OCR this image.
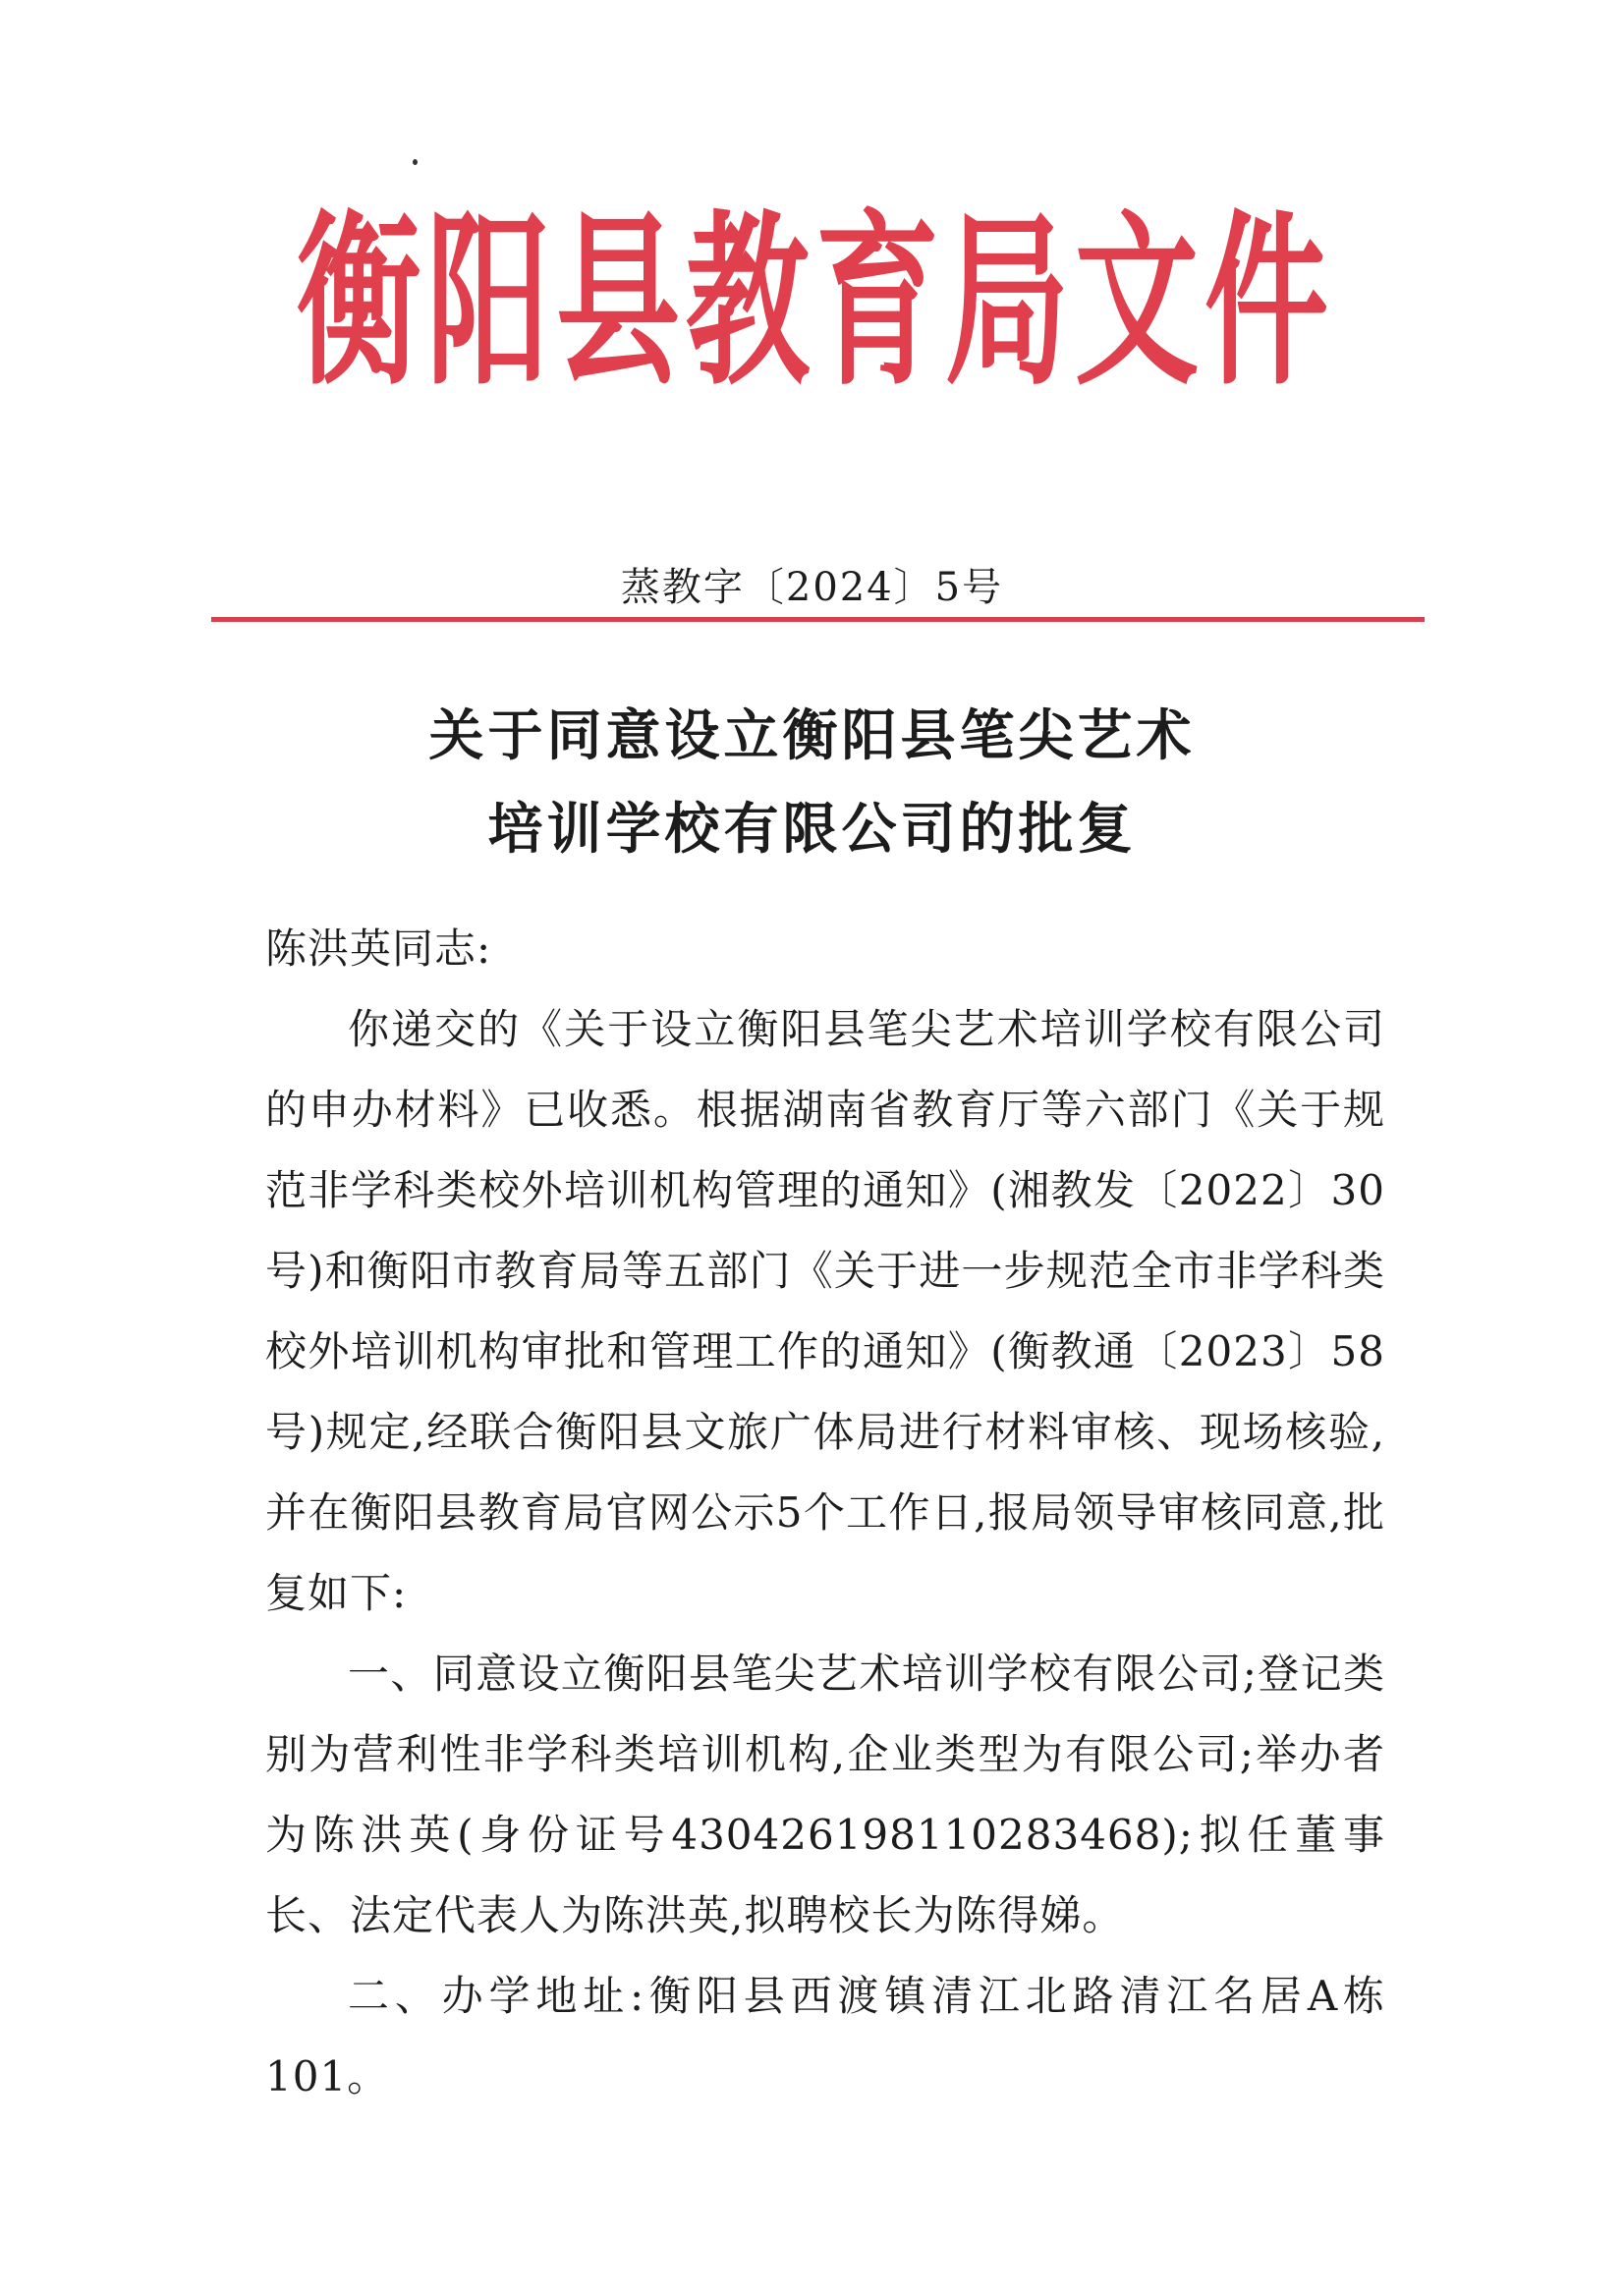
衡阳县教育局文件
蒸教字〔2024〕5号
关于同意设立衡阳县笔尖艺术
培训学校有限公司的批复

陈洪英同志:

你递交的《关于设立衡阳县笔尖艺术培训学校有限公司的申办材料》已收悉。根据湖南省教育厅等六部门《关于规范非学科类校外培训机构管理的通知》(湘教发〔2022〕30号)和衡阳市教育局等五部门《关于进一步规范全市非学科类校外培训机构审批和管理工作的通知》(衡教通〔2023〕58号)规定,经联合衡阳县文旅广体局进行材料审核、现场核验,并在衡阳县教育局官网公示5个工作日,报局领导审核同意,批复如下:

一、同意设立衡阳县笔尖艺术培训学校有限公司;登记类别为营利性非学科类培训机构,企业类型为有限公司;举办者为陈洪英(身份证号430426198110283468);拟任董事长、法定代表人为陈洪英,拟聘校长为陈得娣。

二、办学地址:衡阳县西渡镇清江北路清江名居A栋101。
